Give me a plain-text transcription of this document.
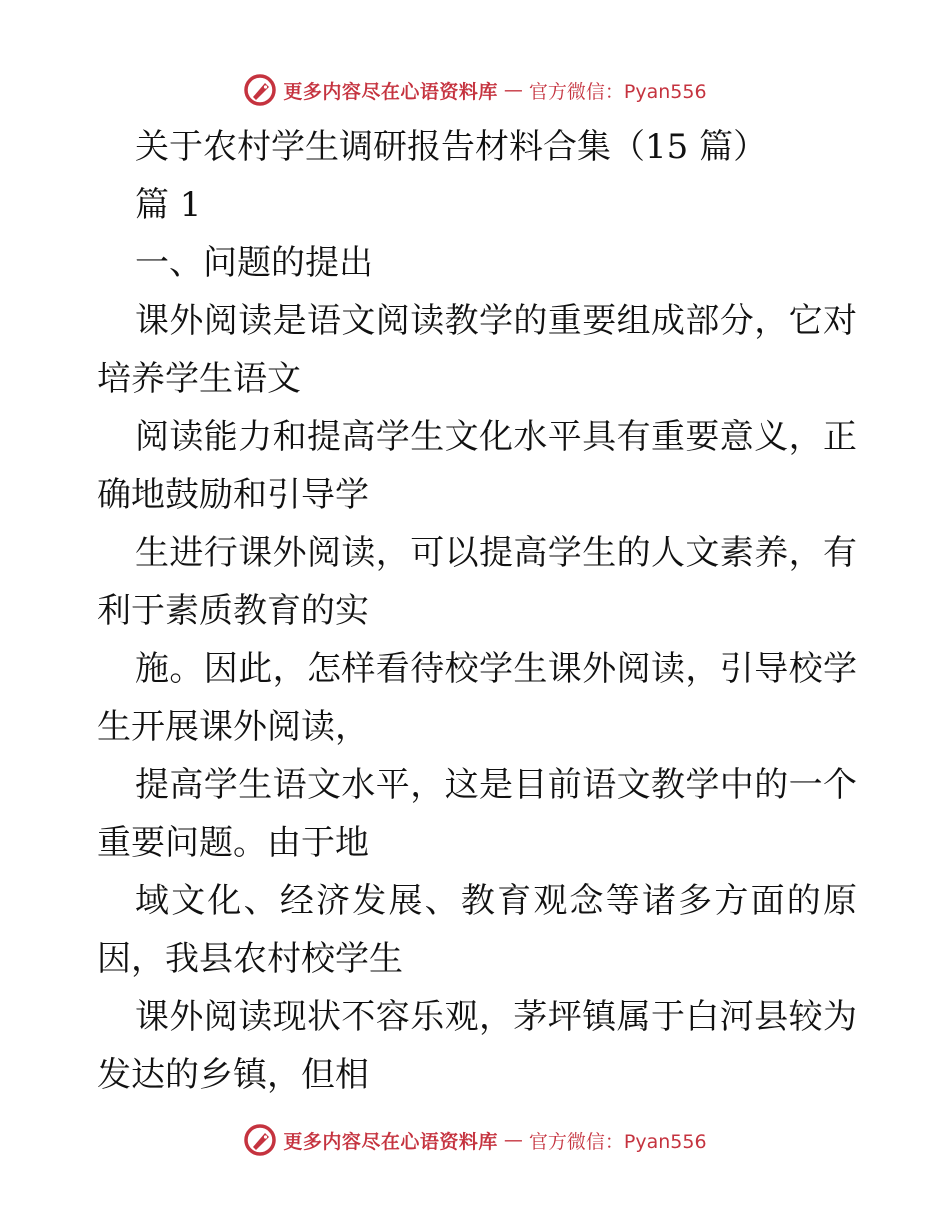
更多内容尽在心语资料库 — 官方微信：Pyan556

关于农村学生调研报告材料合集（15 篇）

篇 1

一、问题的提出

课外阅读是语文阅读教学的重要组成部分，它对培养学生语文

阅读能力和提高学生文化水平具有重要意义，正确地鼓励和引导学

生进行课外阅读，可以提高学生的人文素养，有利于素质教育的实

施。因此，怎样看待校学生课外阅读，引导校学生开展课外阅读，

提高学生语文水平，这是目前语文教学中的一个重要问题。由于地

域文化、经济发展、教育观念等诸多方面的原因，我县农村校学生

课外阅读现状不容乐观，茅坪镇属于白河县较为发达的乡镇，但相

更多内容尽在心语资料库 — 官方微信：Pyan556
